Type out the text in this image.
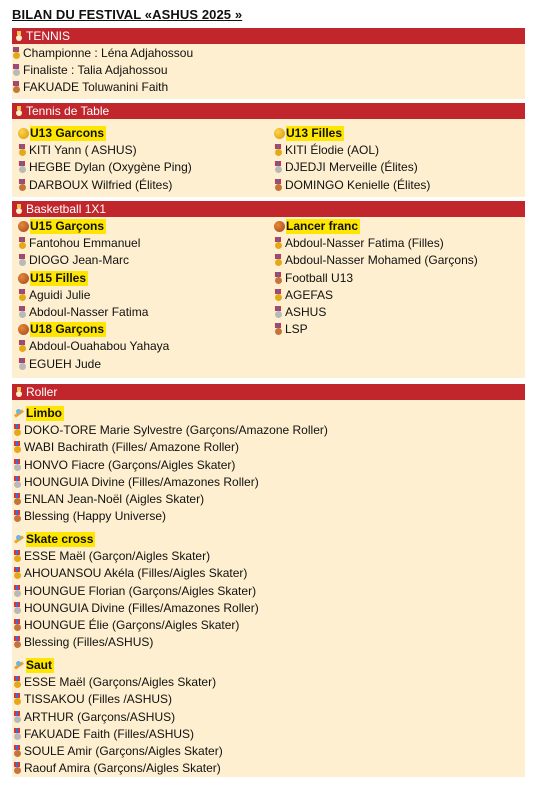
BILAN DU FESTIVAL «ASHUS 2025 »
TENNIS
Championne : Léna Adjahossou
Finaliste : Talia Adjahossou
FAKUADE Toluwanini Faith
Tennis de Table
U13 Garcons
KITI Yann ( ASHUS)
HEGBE Dylan (Oxygène Ping)
DARBOUX Wilfried (Élites)
U13 Filles
KITI Élodie (AOL)
DJEDJI Merveille (Élites)
DOMINGO Kenielle (Élites)
Basketball 1X1
U15 Garçons
Fantohou Emmanuel
DIOGO Jean-Marc
U15 Filles
Aguidi Julie
Abdoul-Nasser Fatima
U18 Garçons
Abdoul-Ouahabou Yahaya
EGUEH Jude
Lancer franc
Abdoul-Nasser Fatima (Filles)
Abdoul-Nasser Mohamed (Garçons)
Football U13
AGEFAS
ASHUS
LSP
Roller
Limbo
DOKO-TORE Marie Sylvestre (Garçons/Amazone Roller)
WABI Bachirath (Filles/ Amazone Roller)
HONVO Fiacre (Garçons/Aigles Skater)
HOUNGUIA Divine (Filles/Amazones Roller)
ENLAN Jean-Noël (Aigles Skater)
Blessing (Happy Universe)
Skate cross
ESSE Maël (Garçon/Aigles Skater)
AHOUANSOU Akéla (Filles/Aigles Skater)
HOUNGUE Florian (Garçons/Aigles Skater)
HOUNGUIA Divine (Filles/Amazones Roller)
HOUNGUE Élie (Garçons/Aigles Skater)
Blessing (Filles/ASHUS)
Saut
ESSE Maël (Garçons/Aigles Skater)
TISSAKOU (Filles /ASHUS)
ARTHUR (Garçons/ASHUS)
FAKUADE Faith (Filles/ASHUS)
SOULE Amir (Garçons/Aigles Skater)
Raouf Amira (Garçons/Aigles Skater)
